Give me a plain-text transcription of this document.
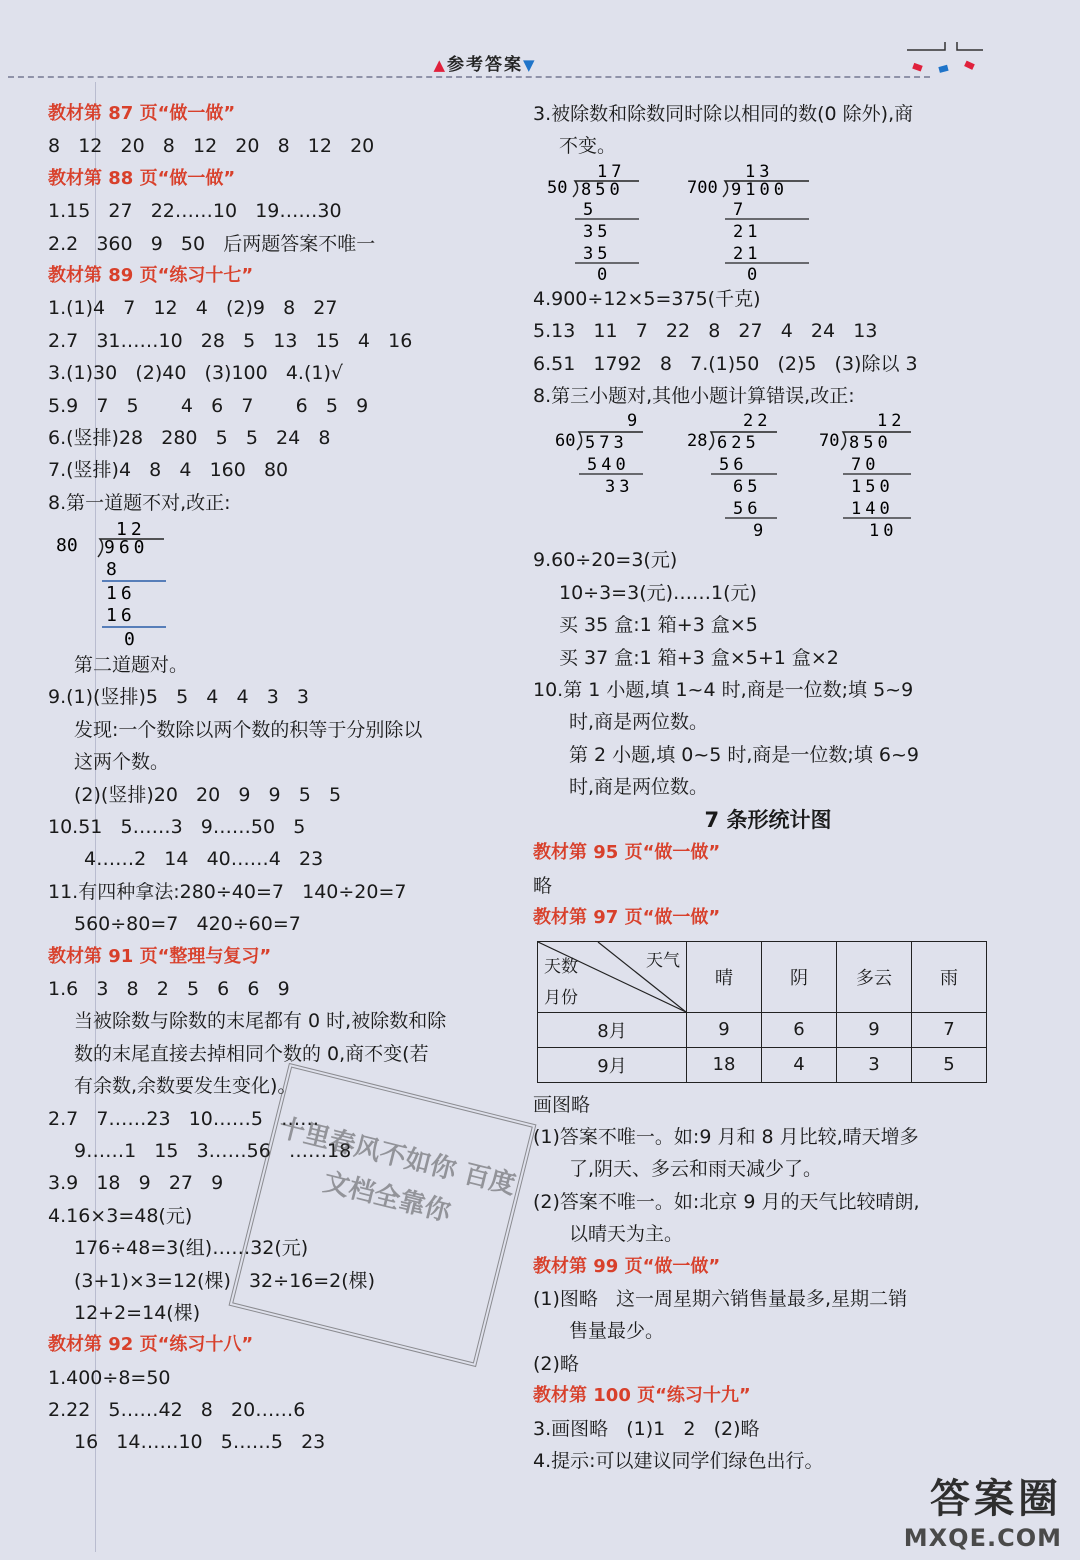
▲参考答案▼
教材第 87 页“做一做”
8   12   20   8   12   20   8   12   20
教材第 88 页“做一做”
1.15   27   22……10   19……30
2.2   360   9   50   后两题答案不唯一
教材第 89 页“练习十七”
1.(1)4   7   12   4   (2)9   8   27
2.7   31……10   28   5   13   15   4   16
3.(1)30   (2)40   (3)100   4.(1)√
5.9   7   5       4   6   7       6   5   9
6.(竖排)28   280   5   5   24   8
7.(竖排)4   8   4   160   80
8.第一道题不对,改正:
80
12
960
8
16
16
0
第二道题对。
9.(1)(竖排)5   5   4   4   3   3
发现:一个数除以两个数的积等于分别除以
这两个数。
(2)(竖排)20   20   9   9   5   5
10.51   5……3   9……50   5
4……2   14   40……4   23
11.有四种拿法:280÷40=7   140÷20=7
560÷80=7   420÷60=7
教材第 91 页“整理与复习”
1.6   3   8   2   5   6   6   9
当被除数与除数的末尾都有 0 时,被除数和除
数的末尾直接去掉相同个数的 0,商不变(若
有余数,余数要发生变化)。
2.7   7……23   10……5   ……
9……1   15   3……56   ……18
3.9   18   9   27   9
4.16×3=48(元)
176÷48=3(组)……32(元)
(3+1)×3=12(棵)   32÷16=2(棵)
12+2=14(棵)
教材第 92 页“练习十八”
1.400÷8=50
2.22   5……42   8   20……6
16   14……10   5……5   23
3.被除数和除数同时除以相同的数(0 除外),商
不变。
50
17
850
5
35
35
0
700
13
9100
7
21
21
0
4.900÷12×5=375(千克)
5.13   11   7   22   8   27   4   24   13
6.51   1792   8   7.(1)50   (2)5   (3)除以 3
8.第三小题对,其他小题计算错误,改正:
60
9
573
540
33
28
22
625
56
65
56
9
70
12
850
70
150
140
10
9.60÷20=3(元)
10÷3=3(元)……1(元)
买 35 盒:1 箱+3 盒×5
买 37 盒:1 箱+3 盒×5+1 盒×2
10.第 1 小题,填 1~4 时,商是一位数;填 5~9
时,商是两位数。
第 2 小题,填 0~5 时,商是一位数;填 6~9
时,商是两位数。
7 条形统计图
教材第 95 页“做一做”
略
教材第 97 页“做一做”
天气
天数
月份	晴	阴	多云	雨
8月	9	6	9	7
9月	18	4	3	5
画图略
(1)答案不唯一。如:9 月和 8 月比较,晴天增多
了,阴天、多云和雨天减少了。
(2)答案不唯一。如:北京 9 月的天气比较晴朗,
以晴天为主。
教材第 99 页“做一做”
(1)图略   这一周星期六销售量最多,星期二销
售量最少。
(2)略
教材第 100 页“练习十九”
3.画图略   (1)1   2   (2)略
4.提示:可以建议同学们绿色出行。
十里春风不如你 百度文档全靠你
答案圈
MXQE.COM
